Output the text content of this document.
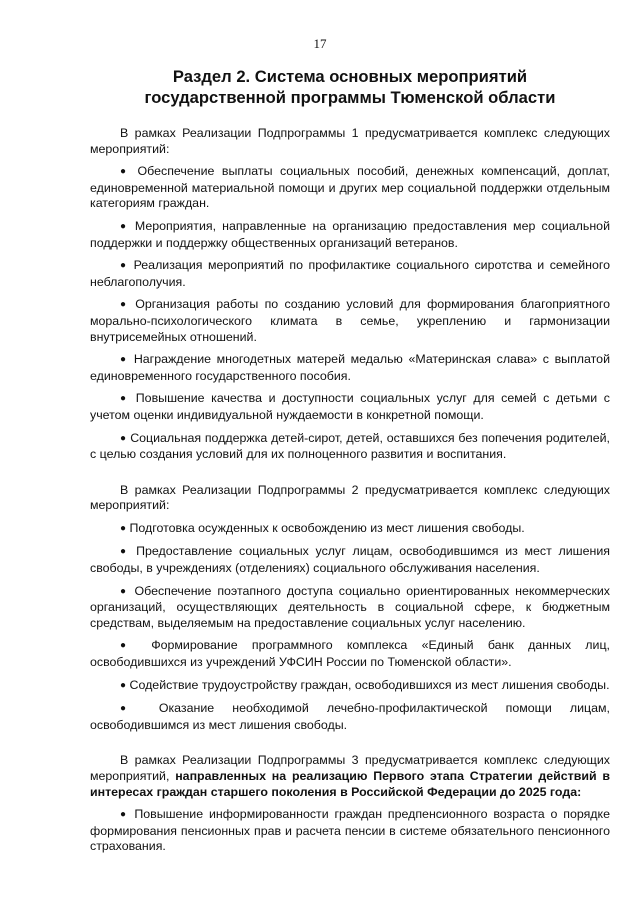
17
Раздел 2. Система основных мероприятий
государственной программы Тюменской области

В рамках Реализации Подпрограммы 1 предусматривается комплекс следующих мероприятий:

● Обеспечение выплаты социальных пособий, денежных компенсаций, доплат, единовременной материальной помощи и других мер социальной поддержки отдельным категориям граждан.

● Мероприятия, направленные на организацию предоставления мер социальной поддержки и поддержку общественных организаций ветеранов.

● Реализация мероприятий по профилактике социального сиротства и семейного неблагополучия.

● Организация работы по созданию условий для формирования благоприятного морально-психологического климата в семье, укреплению и гармонизации внутрисемейных отношений.

● Награждение многодетных матерей медалью «Материнская слава» с выплатой единовременного государственного пособия.

● Повышение качества и доступности социальных услуг для семей с детьми с учетом оценки индивидуальной нуждаемости в конкретной помощи.

● Социальная поддержка детей-сирот, детей, оставшихся без попечения родителей, с целью создания условий для их полноценного развития и воспитания.

В рамках Реализации Подпрограммы 2 предусматривается комплекс следующих мероприятий:

● Подготовка осужденных к освобождению из мест лишения свободы.

● Предоставление социальных услуг лицам, освободившимся из мест лишения свободы, в учреждениях (отделениях) социального обслуживания населения.

● Обеспечение поэтапного доступа социально ориентированных некоммерческих организаций, осуществляющих деятельность в социальной сфере, к бюджетным средствам, выделяемым на предоставление социальных услуг населению.

● Формирование программного комплекса «Единый банк данных лиц, освободившихся из учреждений УФСИН России по Тюменской области».

● Содействие трудоустройству граждан, освободившихся из мест лишения свободы.

● Оказание необходимой лечебно-профилактической помощи лицам, освободившимся из мест лишения свободы.

В рамках Реализации Подпрограммы 3 предусматривается комплекс следующих мероприятий, направленных на реализацию Первого этапа Стратегии действий в интересах граждан старшего поколения в Российской Федерации до 2025 года:

● Повышение информированности граждан предпенсионного возраста о порядке формирования пенсионных прав и расчета пенсии в системе обязательного пенсионного страхования.
